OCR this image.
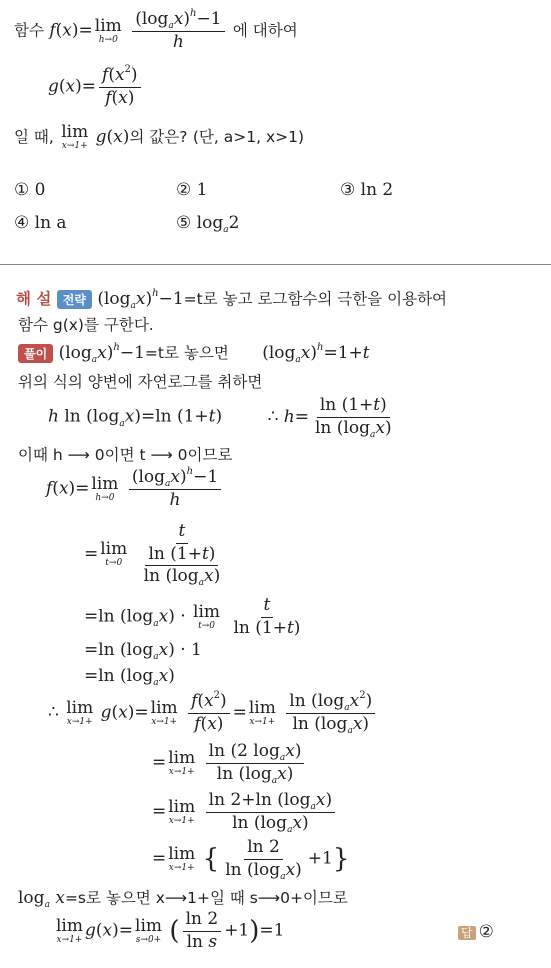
함수 f(x)= lim
h→0
$\frac{(\log_ax)^h-1}{h}$ 에 대하여
$g(x)= \frac{f(x^2)}{f(x)}$
일 때, lim
x→1+ g(x)의 값은? (단, a>1, x>1)
① 0	② 1	③ ln 2
④ ln a	⑤ $\log_a2$
해 설 전략 $(\log_ax)^h-1=t$로 놓고 로그함수의 극한을 이용하여
함수 g(x)를 구한다.
풀이 $(\log_ax)^h-1=t$로 놓으면 $(\log_ax)^h=1+t$
위의 식의 양변에 자연로그를 취하면
h $\ln (\log_ax)=\ln$ (1+t) ∴ $h= \frac{\ln (1+t)}{\ln (\log_ax)}$
이때 h ⟶ 0이면 t ⟶ 0이므로
f(x)= lim
h→0
$\frac{(\log_ax)^h-1}{h}$
= lim
t→0
$\frac{t}{\frac{\ln (1+t)}{\ln (\log_ax)}}$
=ln $(\log_ax) \cdot \lim$
t→0
$\frac{t}{\ln (1+t)}$
=ln $(\log_ax) \cdot 1$
=ln $(\log_ax)$
∴ lim
x→1+ g(x)= lim
x→1+
$\frac{f(x^2)}{f(x)} = \lim$
x→1+
$\frac{\ln (\log_ax^2)}{\ln (\log_ax)}$
= lim
x→1+
$\frac{\ln (2 \log_ax)}{\ln (\log_ax)}$
= lim
x→1+
$\frac{\ln 2+\ln (\log_ax)}{\ln (\log_ax)}$
= lim
x→1+ { $\frac{\ln 2}{\ln (\log_ax)} +1$}
$\log_a x=s$로 놓으면 x⟶1+일 때 s⟶0+이므로
lim
x→1+ g(x)= lim
s→0+ ( $\frac{\ln 2}{\text{ln s}} +1)=1$	답 ②
